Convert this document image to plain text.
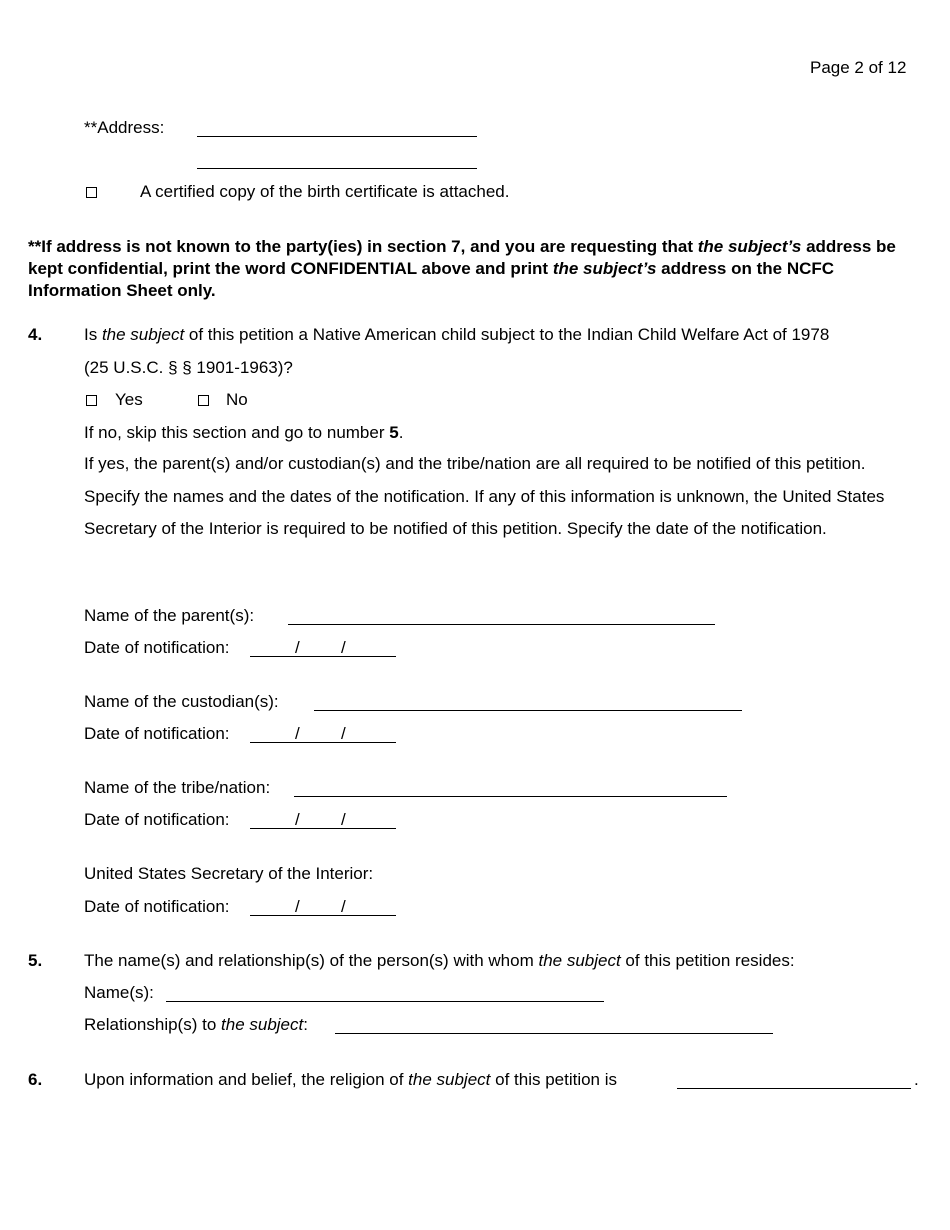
Page 2 of 12
**Address:
A certified copy of the birth certificate is attached.
**If address is not known to the party(ies) in section 7, and you are requesting that the subject’s address be kept confidential, print the word CONFIDENTIAL above and print the subject’s address on the NCFC Information Sheet only.
4. Is the subject of this petition a Native American child subject to the Indian Child Welfare Act of 1978
(25 U.S.C. § § 1901-1963)?
Yes	No
If no, skip this section and go to number 5.
If yes, the parent(s) and/or custodian(s) and the tribe/nation are all required to be notified of this petition. Specify the names and the dates of the notification. If any of this information is unknown, the United States Secretary of the Interior is required to be notified of this petition. Specify the date of the notification.
Name of the parent(s):
Date of notification:	/ /
Name of the custodian(s):
Date of notification:	/ /
Name of the tribe/nation:
Date of notification:	/ /
United States Secretary of the Interior:
Date of notification:	/ /
5. The name(s) and relationship(s) of the person(s) with whom the subject of this petition resides:
Name(s):
Relationship(s) to the subject:
6. Upon information and belief, the religion of the subject of this petition is	.
